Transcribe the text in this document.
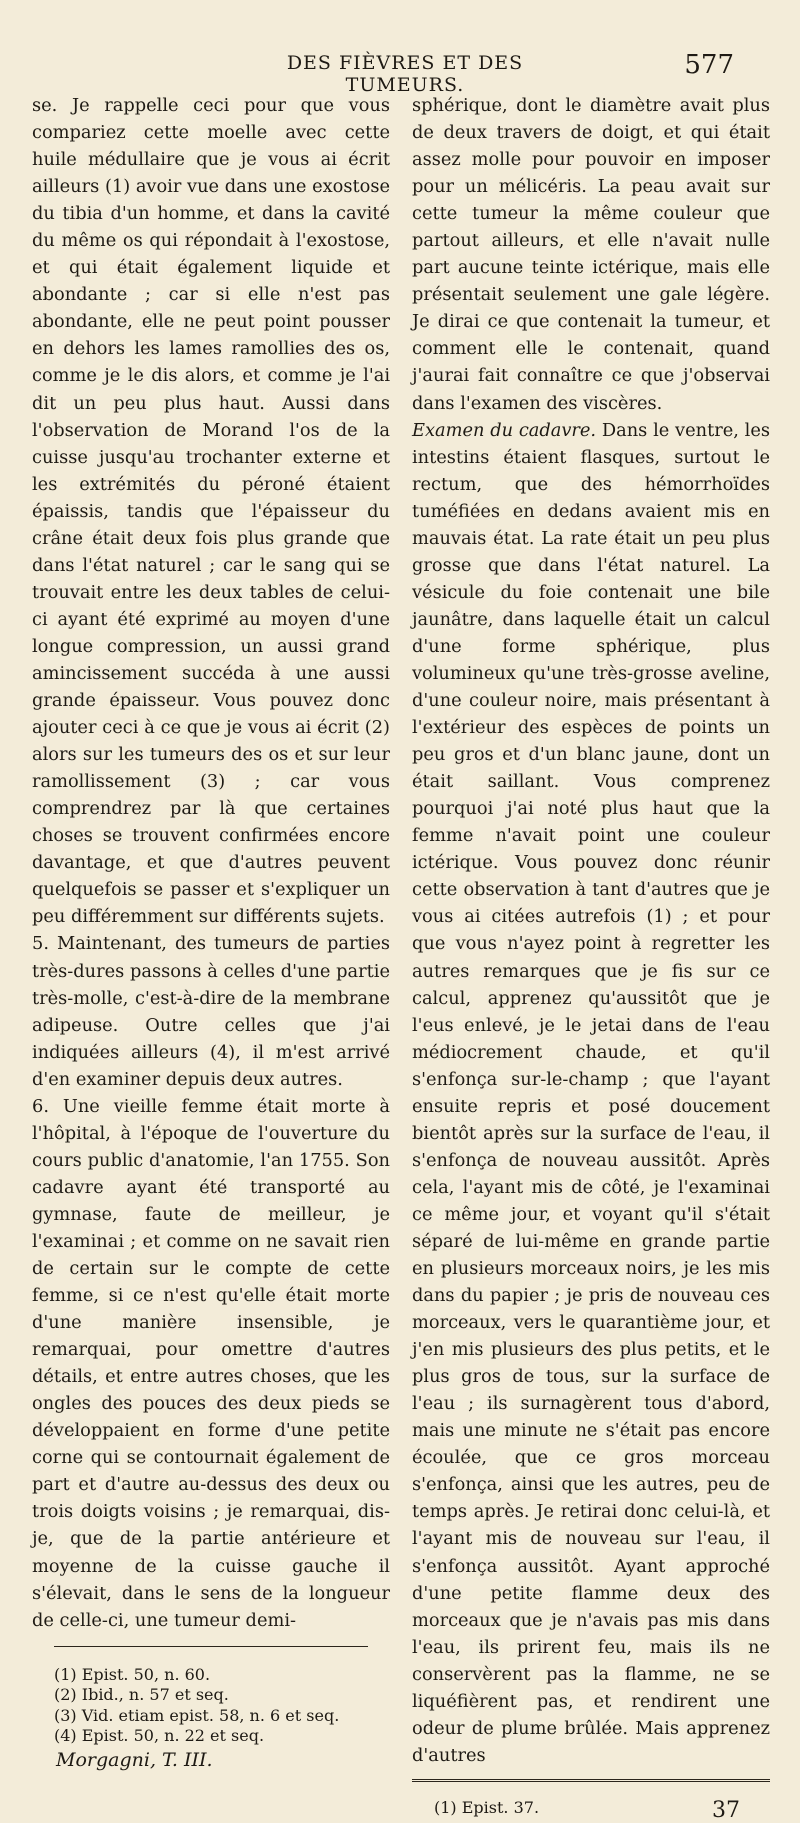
DES FIÈVRES ET DES TUMEURS.
577

se. Je rappelle ceci pour que vous compariez cette moelle avec cette huile médullaire que je vous ai écrit ailleurs (1) avoir vue dans une exostose du tibia d'un homme, et dans la cavité du même os qui répondait à l'exostose, et qui était également liquide et abondante ; car si elle n'est pas abondante, elle ne peut point pousser en dehors les lames ramollies des os, comme je le dis alors, et comme je l'ai dit un peu plus haut. Aussi dans l'observation de Morand l'os de la cuisse jusqu'au trochanter externe et les extrémités du péroné étaient épaissis, tandis que l'épaisseur du crâne était deux fois plus grande que dans l'état naturel ; car le sang qui se trouvait entre les deux tables de celui-ci ayant été exprimé au moyen d'une longue compression, un aussi grand amincissement succéda à une aussi grande épaisseur. Vous pouvez donc ajouter ceci à ce que je vous ai écrit (2) alors sur les tumeurs des os et sur leur ramollissement (3) ; car vous comprendrez par là que certaines choses se trouvent confirmées encore davantage, et que d'autres peuvent quelquefois se passer et s'expliquer un peu différemment sur différents sujets.

5. Maintenant, des tumeurs de parties très-dures passons à celles d'une partie très-molle, c'est-à-dire de la membrane adipeuse. Outre celles que j'ai indiquées ailleurs (4), il m'est arrivé d'en examiner depuis deux autres.

6. Une vieille femme était morte à l'hôpital, à l'époque de l'ouverture du cours public d'anatomie, l'an 1755. Son cadavre ayant été transporté au gymnase, faute de meilleur, je l'examinai ; et comme on ne savait rien de certain sur le compte de cette femme, si ce n'est qu'elle était morte d'une manière insensible, je remarquai, pour omettre d'autres détails, et entre autres choses, que les ongles des pouces des deux pieds se développaient en forme d'une petite corne qui se contournait également de part et d'autre au-dessus des deux ou trois doigts voisins ; je remarquai, dis-je, que de la partie antérieure et moyenne de la cuisse gauche il s'élevait, dans le sens de la longueur de celle-ci, une tumeur demi-

(1) Epist. 50, n. 60.
(2) Ibid., n. 57 et seq.
(3) Vid. etiam epist. 58, n. 6 et seq.
(4) Epist. 50, n. 22 et seq.
Morgagni, T. III.

sphérique, dont le diamètre avait plus de deux travers de doigt, et qui était assez molle pour pouvoir en imposer pour un mélicéris. La peau avait sur cette tumeur la même couleur que partout ailleurs, et elle n'avait nulle part aucune teinte ictérique, mais elle présentait seulement une gale légère. Je dirai ce que contenait la tumeur, et comment elle le contenait, quand j'aurai fait connaître ce que j'observai dans l'examen des viscères.

Examen du cadavre. Dans le ventre, les intestins étaient flasques, surtout le rectum, que des hémorrhoïdes tuméfiées en dedans avaient mis en mauvais état. La rate était un peu plus grosse que dans l'état naturel. La vésicule du foie contenait une bile jaunâtre, dans laquelle était un calcul d'une forme sphérique, plus volumineux qu'une très-grosse aveline, d'une couleur noire, mais présentant à l'extérieur des espèces de points un peu gros et d'un blanc jaune, dont un était saillant. Vous comprenez pourquoi j'ai noté plus haut que la femme n'avait point une couleur ictérique. Vous pouvez donc réunir cette observation à tant d'autres que je vous ai citées autrefois (1) ; et pour que vous n'ayez point à regretter les autres remarques que je fis sur ce calcul, apprenez qu'aussitôt que je l'eus enlevé, je le jetai dans de l'eau médiocrement chaude, et qu'il s'enfonça sur-le-champ ; que l'ayant ensuite repris et posé doucement bientôt après sur la surface de l'eau, il s'enfonça de nouveau aussitôt. Après cela, l'ayant mis de côté, je l'examinai ce même jour, et voyant qu'il s'était séparé de lui-même en grande partie en plusieurs morceaux noirs, je les mis dans du papier ; je pris de nouveau ces morceaux, vers le quarantième jour, et j'en mis plusieurs des plus petits, et le plus gros de tous, sur la surface de l'eau ; ils surnagèrent tous d'abord, mais une minute ne s'était pas encore écoulée, que ce gros morceau s'enfonça, ainsi que les autres, peu de temps après. Je retirai donc celui-là, et l'ayant mis de nouveau sur l'eau, il s'enfonça aussitôt. Ayant approché d'une petite flamme deux des morceaux que je n'avais pas mis dans l'eau, ils prirent feu, mais ils ne conservèrent pas la flamme, ne se liquéfièrent pas, et rendirent une odeur de plume brûlée. Mais apprenez d'autres

(1) Epist. 37.	37
